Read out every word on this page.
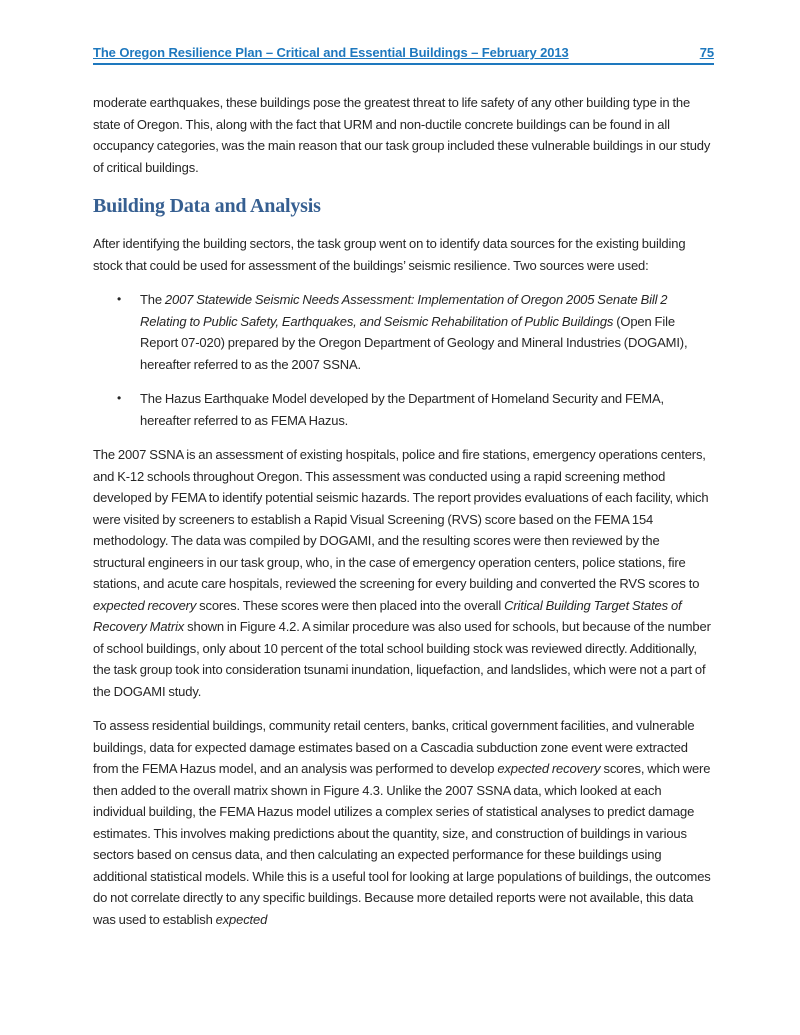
The Oregon Resilience Plan – Critical and Essential Buildings – February 2013	75

moderate earthquakes, these buildings pose the greatest threat to life safety of any other building type in the state of Oregon. This, along with the fact that URM and non-ductile concrete buildings can be found in all occupancy categories, was the main reason that our task group included these vulnerable buildings in our study of critical buildings.

Building Data and Analysis

After identifying the building sectors, the task group went on to identify data sources for the existing building stock that could be used for assessment of the buildings’ seismic resilience. Two sources were used:

• The 2007 Statewide Seismic Needs Assessment: Implementation of Oregon 2005 Senate Bill 2 Relating to Public Safety, Earthquakes, and Seismic Rehabilitation of Public Buildings (Open File Report 07-020) prepared by the Oregon Department of Geology and Mineral Industries (DOGAMI), hereafter referred to as the 2007 SSNA.
• The Hazus Earthquake Model developed by the Department of Homeland Security and FEMA, hereafter referred to as FEMA Hazus.

The 2007 SSNA is an assessment of existing hospitals, police and fire stations, emergency operations centers, and K-12 schools throughout Oregon. This assessment was conducted using a rapid screening method developed by FEMA to identify potential seismic hazards. The report provides evaluations of each facility, which were visited by screeners to establish a Rapid Visual Screening (RVS) score based on the FEMA 154 methodology. The data was compiled by DOGAMI, and the resulting scores were then reviewed by the structural engineers in our task group, who, in the case of emergency operation centers, police stations, fire stations, and acute care hospitals, reviewed the screening for every building and converted the RVS scores to expected recovery scores. These scores were then placed into the overall Critical Building Target States of Recovery Matrix shown in Figure 4.2. A similar procedure was also used for schools, but because of the number of school buildings, only about 10 percent of the total school building stock was reviewed directly. Additionally, the task group took into consideration tsunami inundation, liquefaction, and landslides, which were not a part of the DOGAMI study.

To assess residential buildings, community retail centers, banks, critical government facilities, and vulnerable buildings, data for expected damage estimates based on a Cascadia subduction zone event were extracted from the FEMA Hazus model, and an analysis was performed to develop expected recovery scores, which were then added to the overall matrix shown in Figure 4.3. Unlike the 2007 SSNA data, which looked at each individual building, the FEMA Hazus model utilizes a complex series of statistical analyses to predict damage estimates. This involves making predictions about the quantity, size, and construction of buildings in various sectors based on census data, and then calculating an expected performance for these buildings using additional statistical models. While this is a useful tool for looking at large populations of buildings, the outcomes do not correlate directly to any specific buildings. Because more detailed reports were not available, this data was used to establish expected
